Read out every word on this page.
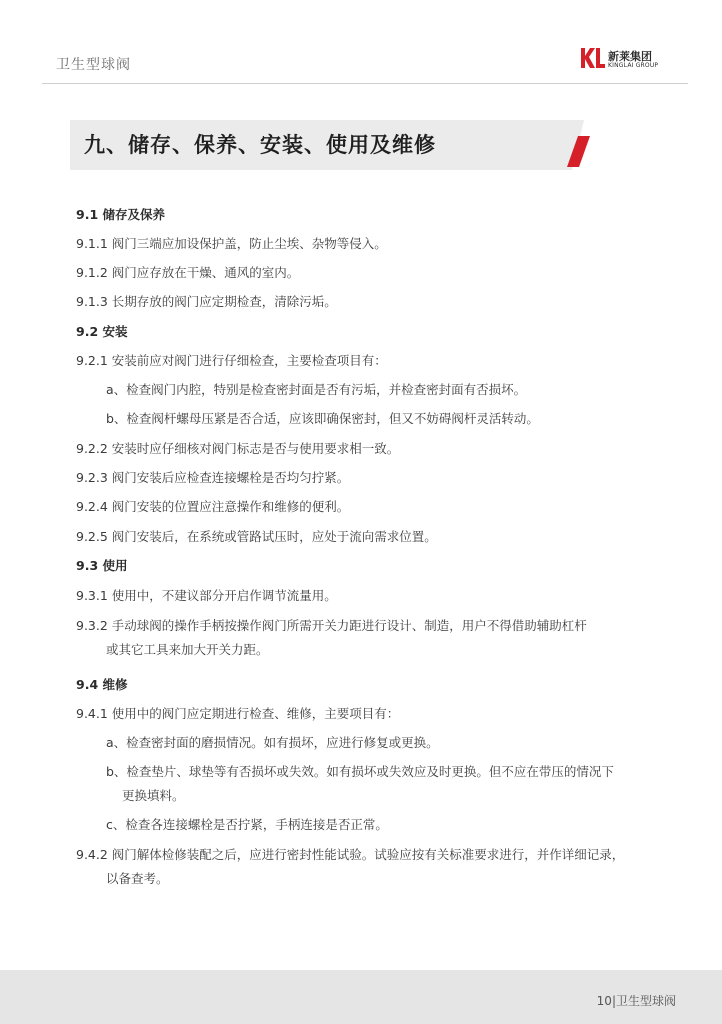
卫生型球阀
新莱集团
KINGLAI GROUP
九、储存、保养、安装、使用及维修
9.1 储存及保养
9.1.1 阀门三端应加设保护盖，防止尘埃、杂物等侵入。
9.1.2 阀门应存放在干燥、通风的室内。
9.1.3 长期存放的阀门应定期检查，清除污垢。
9.2 安装
9.2.1 安装前应对阀门进行仔细检查，主要检查项目有：
a、检查阀门内腔，特别是检查密封面是否有污垢，并检查密封面有否损坏。
b、检查阀杆螺母压紧是否合适，应该即确保密封，但又不妨碍阀杆灵活转动。
9.2.2 安装时应仔细核对阀门标志是否与使用要求相一致。
9.2.3 阀门安装后应检查连接螺栓是否均匀拧紧。
9.2.4 阀门安装的位置应注意操作和维修的便利。
9.2.5 阀门安装后，在系统或管路试压时，应处于流向需求位置。
9.3 使用
9.3.1 使用中，不建议部分开启作调节流量用。
9.3.2 手动球阀的操作手柄按操作阀门所需开关力距进行设计、制造，用户不得借助辅助杠杆
或其它工具来加大开关力距。
9.4 维修
9.4.1 使用中的阀门应定期进行检查、维修，主要项目有：
a、检查密封面的磨损情况。如有损坏，应进行修复或更换。
b、检查垫片、球垫等有否损坏或失效。如有损坏或失效应及时更换。但不应在带压的情况下
更换填料。
c、检查各连接螺栓是否拧紧，手柄连接是否正常。
9.4.2 阀门解体检修装配之后，应进行密封性能试验。试验应按有关标准要求进行，并作详细记录，
以备查考。
10|卫生型球阀
